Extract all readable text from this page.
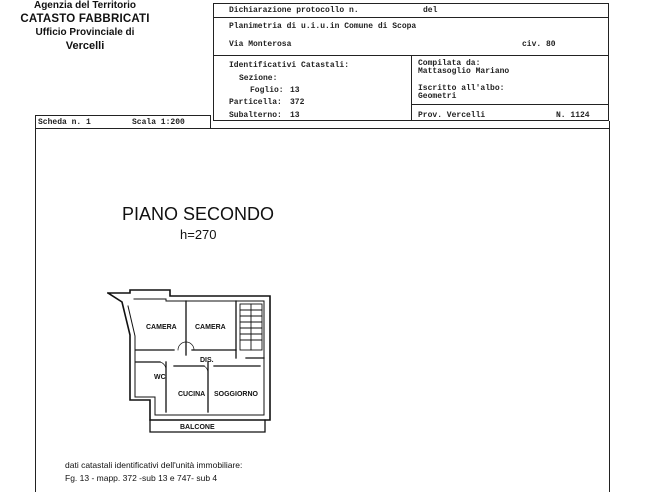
Agenzia del Territorio
CATASTO FABBRICATI
Ufficio Provinciale di
Vercelli
Dichiarazione protocollo n.	del
Planimetria di u.i.u.in Comune di Scopa
Via Monterosa	civ. 80
Identificativi Catastali:
Sezione:
Foglio: 13
Particella: 372
Subalterno: 13
Compilata da:
Mattasoglio Mariano
Iscritto all'albo:
Geometri
Prov. Vercelli	N. 1124
Scheda n. 1	Scala 1:200
PIANO SECONDO
h=270
CAMERA	CAMERA
DIS.
WC
CUCINA SOGGIORNO
BALCONE
dati catastali identificativi dell'unità immobiliare:
Fg. 13 - mapp. 372 -sub 13 e 747- sub 4
